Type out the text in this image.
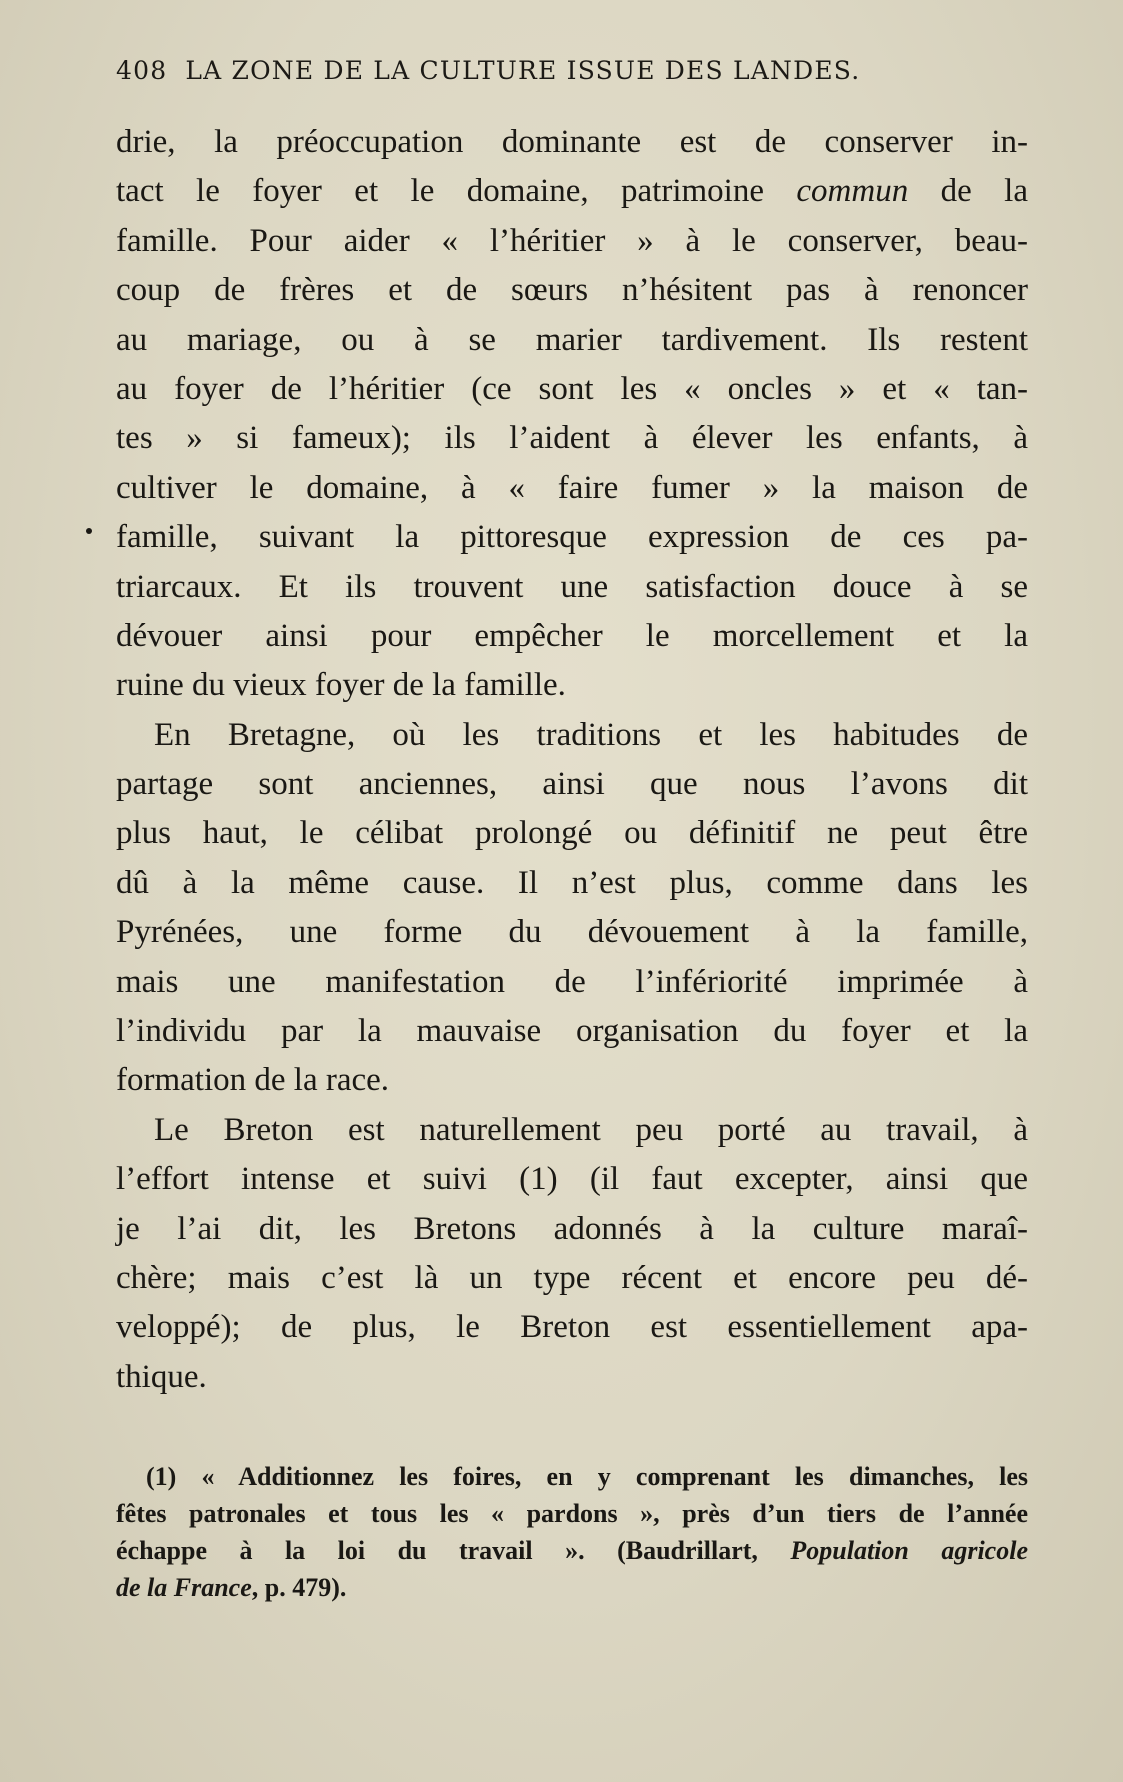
408 LA ZONE DE LA CULTURE ISSUE DES LANDES.
drie, la préoccupation dominante est de conserver in-
tact le foyer et le domaine, patrimoine commun de la
famille. Pour aider « l’héritier » à le conserver, beau-
coup de frères et de sœurs n’hésitent pas à renoncer
au mariage, ou à se marier tardivement. Ils restent
au foyer de l’héritier (ce sont les « oncles » et « tan-
tes » si fameux); ils l’aident à élever les enfants, à
cultiver le domaine, à « faire fumer » la maison de
famille, suivant la pittoresque expression de ces pa-
triarcaux. Et ils trouvent une satisfaction douce à se
dévouer ainsi pour empêcher le morcellement et la
ruine du vieux foyer de la famille.
En Bretagne, où les traditions et les habitudes de
partage sont anciennes, ainsi que nous l’avons dit
plus haut, le célibat prolongé ou définitif ne peut être
dû à la même cause. Il n’est plus, comme dans les
Pyrénées, une forme du dévouement à la famille,
mais une manifestation de l’infériorité imprimée à
l’individu par la mauvaise organisation du foyer et la
formation de la race.
Le Breton est naturellement peu porté au travail, à
l’effort intense et suivi (1) (il faut excepter, ainsi que
je l’ai dit, les Bretons adonnés à la culture maraî-
chère; mais c’est là un type récent et encore peu dé-
veloppé); de plus, le Breton est essentiellement apa-
thique.
(1) « Additionnez les foires, en y comprenant les dimanches, les
fêtes patronales et tous les « pardons », près d’un tiers de l’année
échappe à la loi du travail ». (Baudrillart, Population agricole
de la France, p. 479).
